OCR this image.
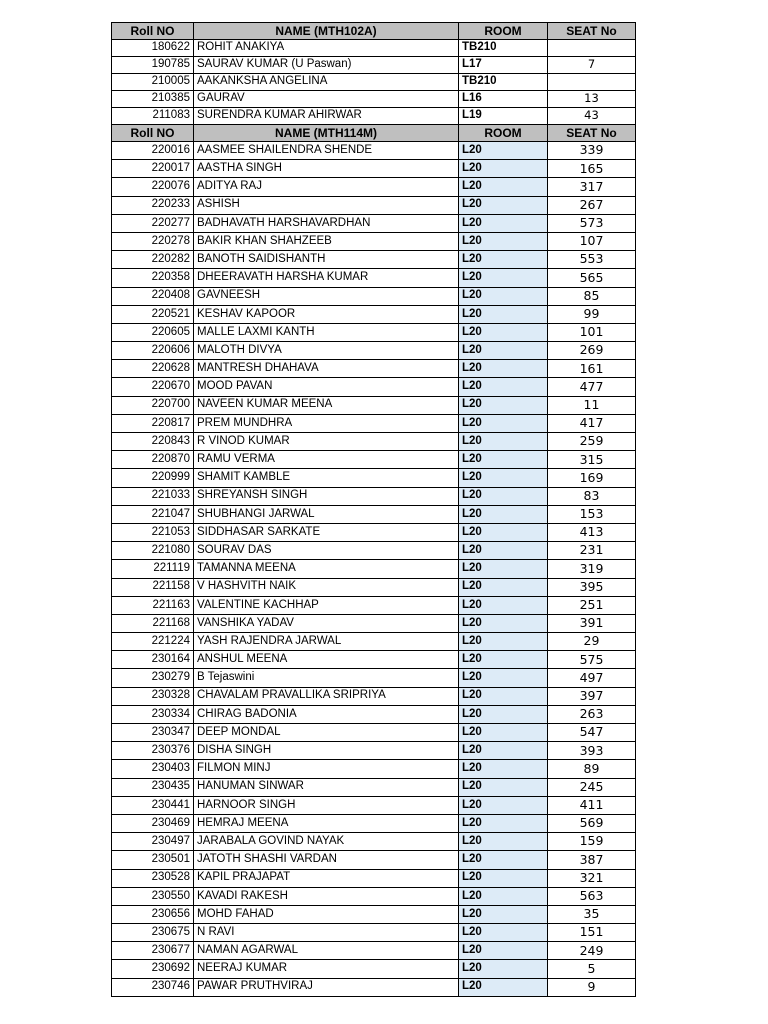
Roll NO	NAME (MTH102A)	ROOM	SEAT No
180622	ROHIT ANAKIYA	TB210	
190785	SAURAV KUMAR (U Paswan)	L17	7
210005	AAKANKSHA ANGELINA	TB210	
210385	GAURAV	L16	13
211083	SURENDRA KUMAR AHIRWAR	L19	43
Roll NO	NAME (MTH114M)	ROOM	SEAT No
220016	AASMEE SHAILENDRA SHENDE	L20	339
220017	AASTHA SINGH	L20	165
220076	ADITYA RAJ	L20	317
220233	ASHISH	L20	267
220277	BADHAVATH HARSHAVARDHAN	L20	573
220278	BAKIR KHAN SHAHZEEB	L20	107
220282	BANOTH SAIDISHANTH	L20	553
220358	DHEERAVATH HARSHA KUMAR	L20	565
220408	GAVNEESH	L20	85
220521	KESHAV KAPOOR	L20	99
220605	MALLE LAXMI KANTH	L20	101
220606	MALOTH DIVYA	L20	269
220628	MANTRESH DHAHAVA	L20	161
220670	MOOD PAVAN	L20	477
220700	NAVEEN KUMAR MEENA	L20	11
220817	PREM MUNDHRA	L20	417
220843	R VINOD KUMAR	L20	259
220870	RAMU VERMA	L20	315
220999	SHAMIT KAMBLE	L20	169
221033	SHREYANSH SINGH	L20	83
221047	SHUBHANGI JARWAL	L20	153
221053	SIDDHASAR SARKATE	L20	413
221080	SOURAV DAS	L20	231
221119	TAMANNA MEENA	L20	319
221158	V HASHVITH NAIK	L20	395
221163	VALENTINE KACHHAP	L20	251
221168	VANSHIKA YADAV	L20	391
221224	YASH RAJENDRA JARWAL	L20	29
230164	ANSHUL MEENA	L20	575
230279	B Tejaswini	L20	497
230328	CHAVALAM PRAVALLIKA SRIPRIYA	L20	397
230334	CHIRAG BADONIA	L20	263
230347	DEEP MONDAL	L20	547
230376	DISHA SINGH	L20	393
230403	FILMON MINJ	L20	89
230435	HANUMAN SINWAR	L20	245
230441	HARNOOR SINGH	L20	411
230469	HEMRAJ MEENA	L20	569
230497	JARABALA GOVIND NAYAK	L20	159
230501	JATOTH SHASHI VARDAN	L20	387
230528	KAPIL PRAJAPAT	L20	321
230550	KAVADI RAKESH	L20	563
230656	MOHD FAHAD	L20	35
230675	N RAVI	L20	151
230677	NAMAN AGARWAL	L20	249
230692	NEERAJ KUMAR	L20	5
230746	PAWAR PRUTHVIRAJ	L20	9
